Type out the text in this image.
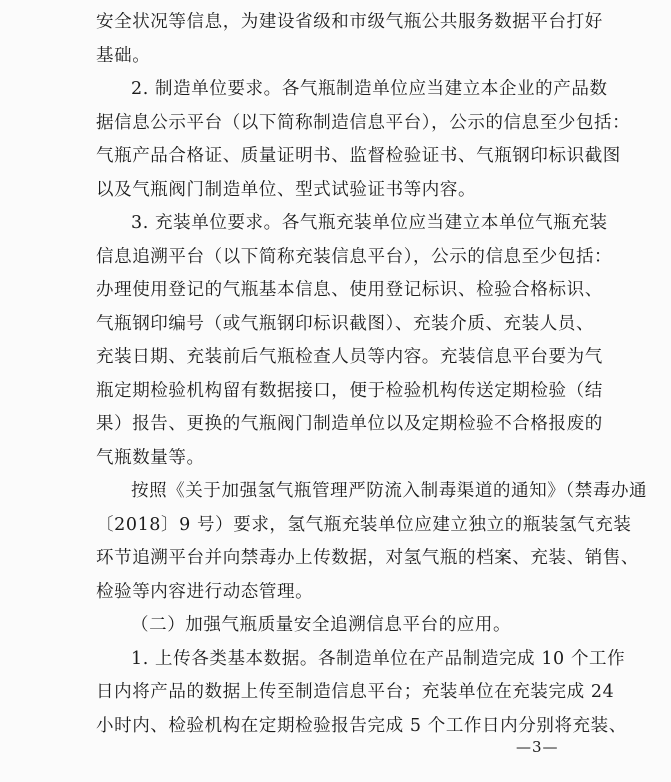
安全状况等信息，为建设省级和市级气瓶公共服务数据平台打好
基础。
2. 制造单位要求。各气瓶制造单位应当建立本企业的产品数
据信息公示平台（以下简称制造信息平台），公示的信息至少包括：
气瓶产品合格证、质量证明书、监督检验证书、气瓶钢印标识截图
以及气瓶阀门制造单位、型式试验证书等内容。
3. 充装单位要求。各气瓶充装单位应当建立本单位气瓶充装
信息追溯平台（以下简称充装信息平台），公示的信息至少包括：
办理使用登记的气瓶基本信息、使用登记标识、检验合格标识、
气瓶钢印编号（或气瓶钢印标识截图）、充装介质、充装人员、
充装日期、充装前后气瓶检查人员等内容。充装信息平台要为气
瓶定期检验机构留有数据接口，便于检验机构传送定期检验（结
果）报告、更换的气瓶阀门制造单位以及定期检验不合格报废的
气瓶数量等。
按照《关于加强氢气瓶管理严防流入制毒渠道的通知》（禁毒办通
〔2018〕9 号）要求，氢气瓶充装单位应建立独立的瓶装氢气充装
环节追溯平台并向禁毒办上传数据，对氢气瓶的档案、充装、销售、
检验等内容进行动态管理。
（二）加强气瓶质量安全追溯信息平台的应用。
1. 上传各类基本数据。各制造单位在产品制造完成 10 个工作
日内将产品的数据上传至制造信息平台；充装单位在充装完成 24
小时内、检验机构在定期检验报告完成 5 个工作日内分别将充装、
—3—
